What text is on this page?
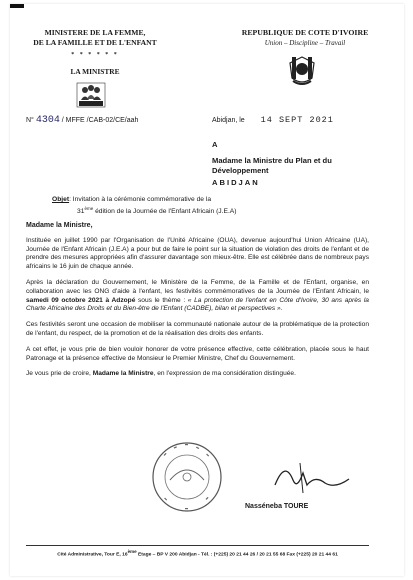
MINISTERE DE LA FEMME,
DE LA FAMILLE ET DE L'ENFANT
* * * * * *
LA MINISTRE
REPUBLIQUE DE COTE D'IVOIRE
Union – Discipline – Travail
N° 4304 / MFFE /CAB-02/CE/aah	Abidjan, le 14 SEPT 2021
A
Madame la Ministre du Plan et du
Développement
ABIDJAN
Objet: Invitation à la cérémonie commémorative de la
31ème édition de la Journée de l'Enfant Africain (J.E.A)
Madame la Ministre,

Instituée en juillet 1990 par l'Organisation de l'Unité Africaine (OUA), devenue aujourd'hui Union Africaine (UA), Journée de l'Enfant Africain (J.E.A) a pour but de faire le point sur la situation de violation des droits de l'enfant et de prendre des mesures appropriées afin d'assurer davantage son mieux-être. Elle est célébrée dans de nombreux pays africains le 16 juin de chaque année.

Après la déclaration du Gouvernement, le Ministère de la Femme, de la Famille et de l'Enfant, organise, en collaboration avec les ONG d'aide à l'enfant, les festivités commémoratives de la Journée de l'Enfant Africain, le samedi 09 octobre 2021 à Adzopé sous le thème : « La protection de l'enfant en Côte d'Ivoire, 30 ans après la Charte Africaine des Droits et du Bien-être de l'Enfant (CADBE), bilan et perspectives ».

Ces festivités seront une occasion de mobiliser la communauté nationale autour de la problématique de la protection de l'enfant, du respect, de la promotion et de la réalisation des droits des enfants.

A cet effet, je vous prie de bien vouloir honorer de votre présence effective, cette célébration, placée sous le haut Patronage et la présence effective de Monsieur le Premier Ministre, Chef du Gouvernement.

Je vous prie de croire, Madame la Ministre, en l'expression de ma considération distinguée.

Nasséneba TOURE
Cité Administrative, Tour E, 16ème Etage – BP V 200 Abidjan - Tél. : (+225) 20 21 44 26 / 20 21 55 68 Fax (+225) 20 21 44 61
